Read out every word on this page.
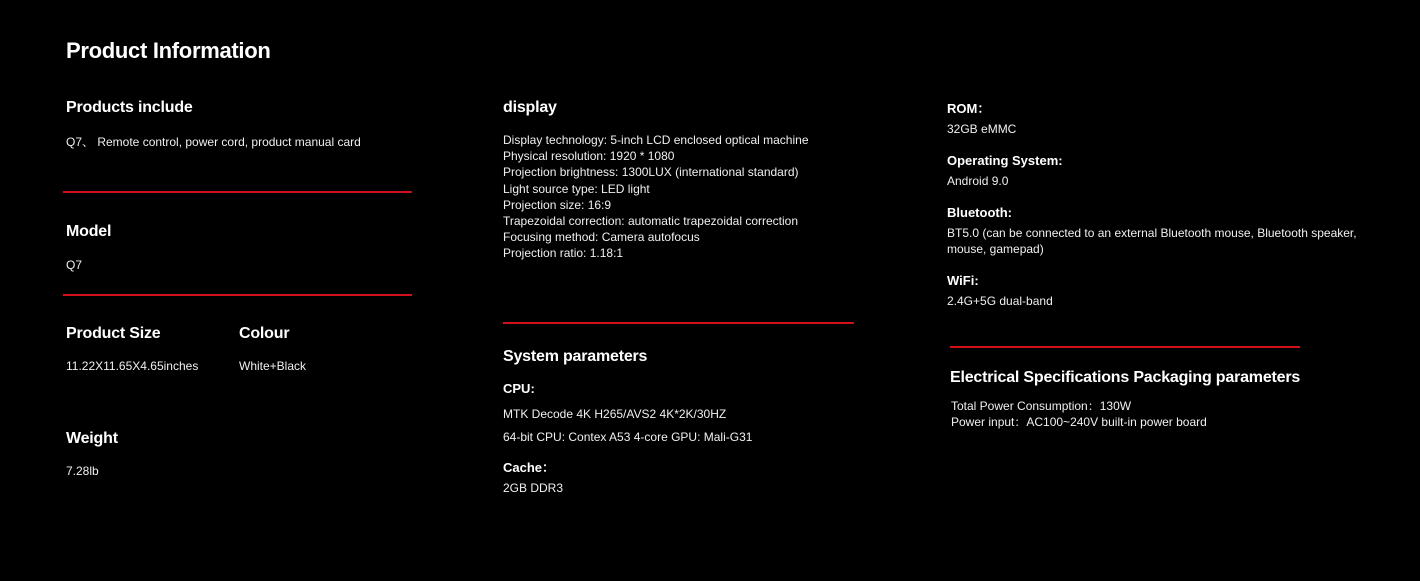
Product Information
Products include
Q7、 Remote control, power cord, product manual card
Model
Q7
Product Size
11.22X11.65X4.65inches
Colour
White+Black
Weight
7.28lb
display
Display technology: 5-inch LCD enclosed optical machine
Physical resolution: 1920 * 1080
Projection brightness: 1300LUX (international standard)
Light source type: LED light
Projection size: 16:9
Trapezoidal correction: automatic trapezoidal correction
Focusing method: Camera autofocus
Projection ratio: 1.18:1
System parameters
CPU:
MTK Decode 4K H265/AVS2 4K*2K/30HZ
64-bit CPU: Contex A53 4-core GPU: Mali-G31
Cache：
2GB DDR3
ROM：
32GB eMMC
Operating System:
Android 9.0
Bluetooth:
BT5.0 (can be connected to an external Bluetooth mouse, Bluetooth speaker,
mouse, gamepad)
WiFi:
2.4G+5G dual-band
Electrical Specifications Packaging parameters
Total Power Consumption：130W
Power input：AC100~240V built-in power board
